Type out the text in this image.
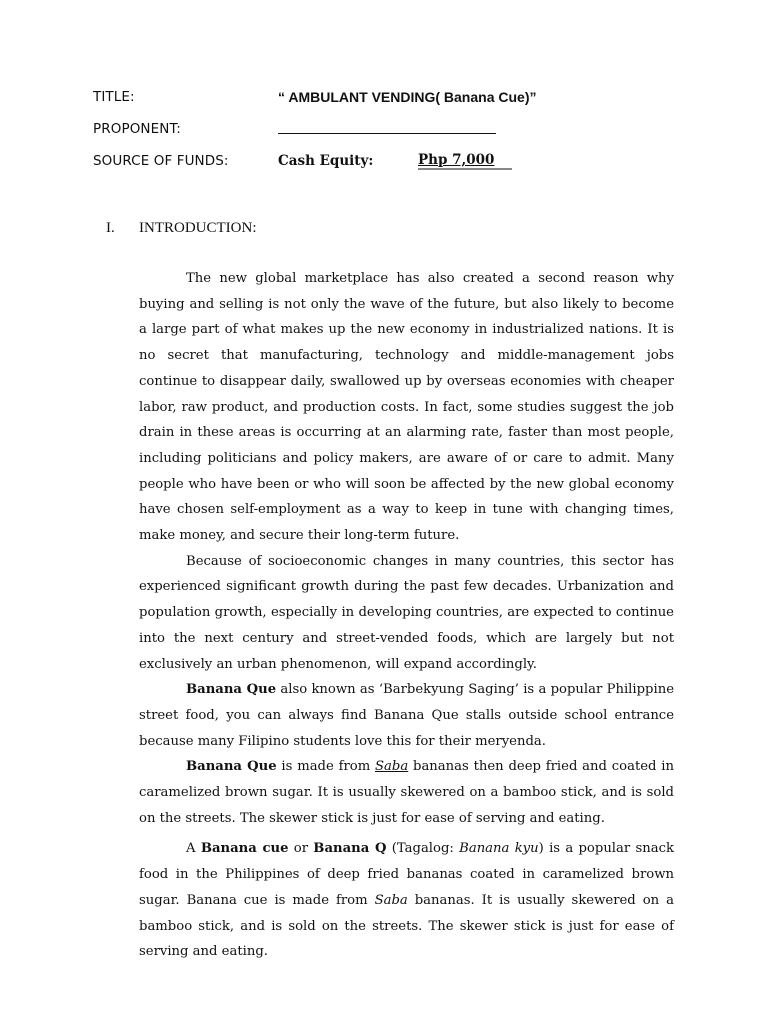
TITLE:	“ AMBULANT VENDING( Banana Cue)”
PROPONENT:
SOURCE OF FUNDS:	Cash Equity:	Php 7,000
I. INTRODUCTION:

The new global marketplace has also created a second reason why buying and selling is not only the wave of the future, but also likely to become a large part of what makes up the new economy in industrialized nations. It is no secret that manufacturing, technology and middle-management jobs continue to disappear daily, swallowed up by overseas economies with cheaper labor, raw product, and production costs. In fact, some studies suggest the job drain in these areas is occurring at an alarming rate, faster than most people, including politicians and policy makers, are aware of or care to admit. Many people who have been or who will soon be affected by the new global economy have chosen self-employment as a way to keep in tune with changing times, make money, and secure their long-term future.

Because of socioeconomic changes in many countries, this sector has experienced significant growth during the past few decades. Urbanization and population growth, especially in developing countries, are expected to continue into the next century and street-vended foods, which are largely but not exclusively an urban phenomenon, will expand accordingly.

Banana Que also known as ‘Barbekyung Saging’ is a popular Philippine street food, you can always find Banana Que stalls outside school entrance because many Filipino students love this for their meryenda.

Banana Que is made from Saba bananas then deep fried and coated in caramelized brown sugar. It is usually skewered on a bamboo stick, and is sold on the streets. The skewer stick is just for ease of serving and eating.

A Banana cue or Banana Q (Tagalog: Banana kyu) is a popular snack food in the Philippines of deep fried bananas coated in caramelized brown sugar. Banana cue is made from Saba bananas. It is usually skewered on a bamboo stick, and is sold on the streets. The skewer stick is just for ease of serving and eating.
